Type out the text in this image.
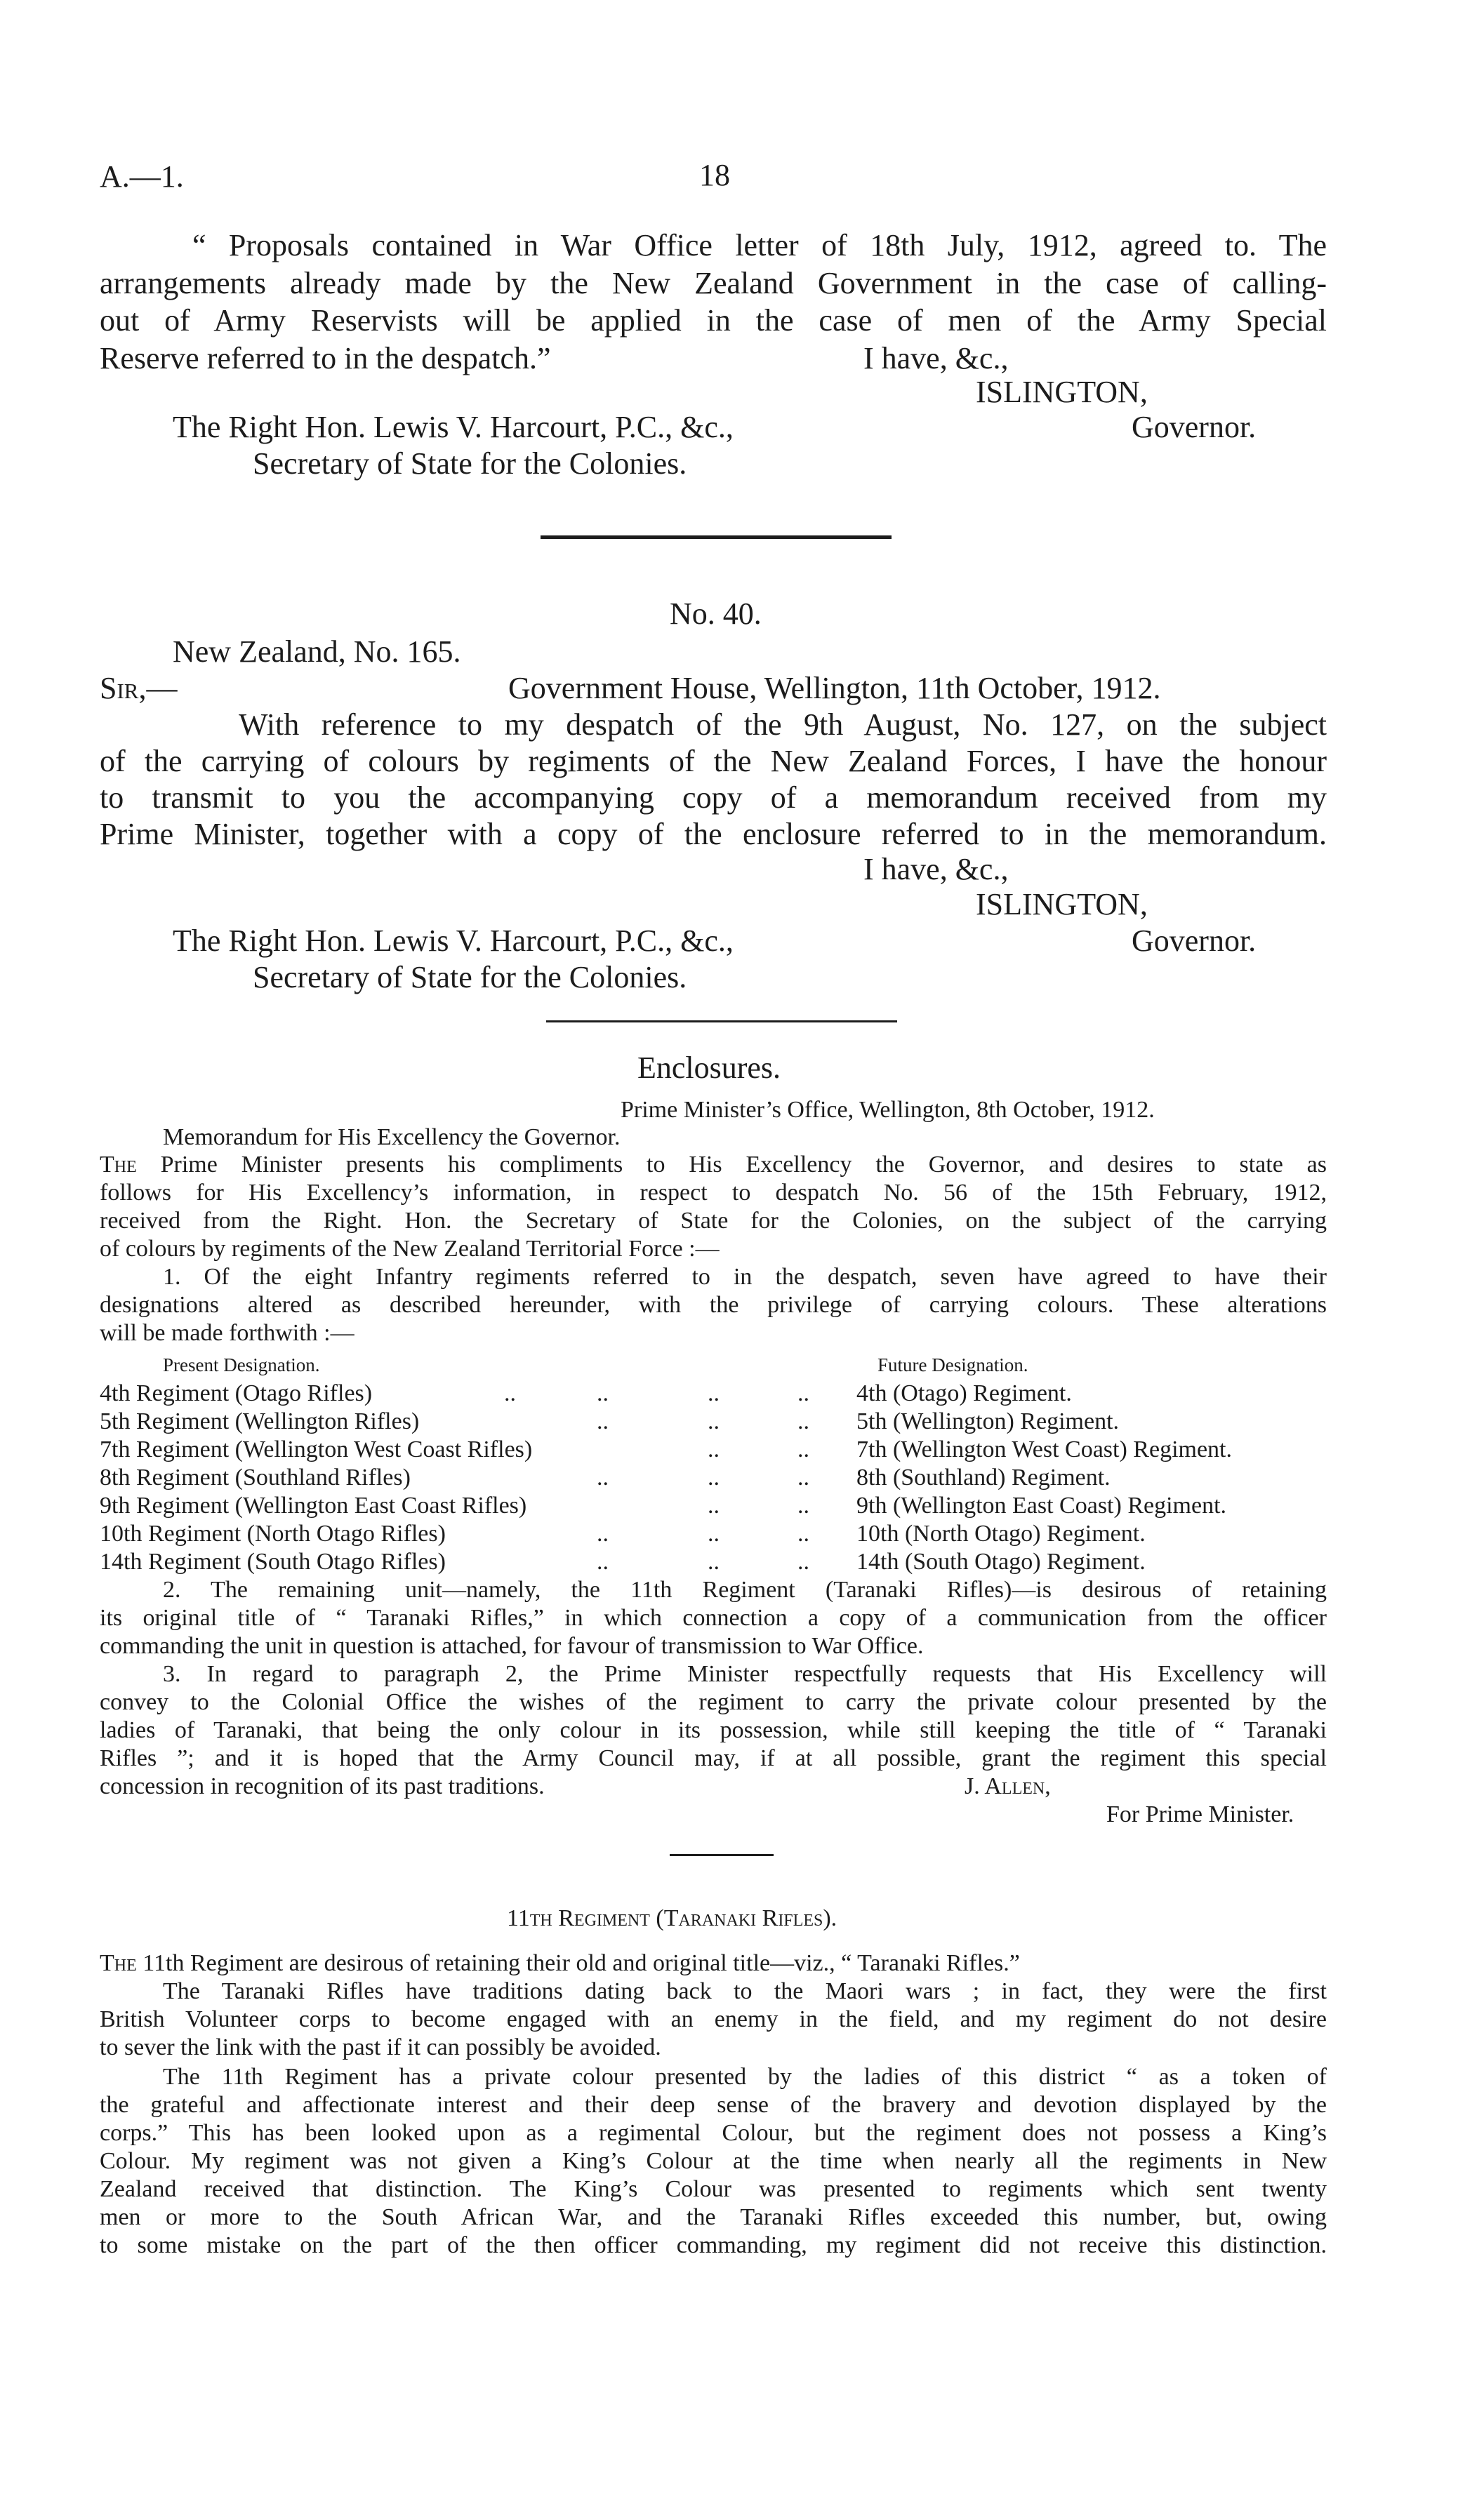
A.—1.	18
“ Proposals contained in War Office letter of 18th July, 1912, agreed to. The
arrangements already made by the New Zealand Government in the case of calling-
out of Army Reservists will be applied in the case of men of the Army Special
Reserve referred to in the despatch.”	I have, &c.,
ISLINGTON,
The Right Hon. Lewis V. Harcourt, P.C., &c.,	Governor.
Secretary of State for the Colonies.
No. 40.
New Zealand, No. 165.
Sir,—	Government House, Wellington, 11th October, 1912.
With reference to my despatch of the 9th August, No. 127, on the subject
of the carrying of colours by regiments of the New Zealand Forces, I have the honour
to transmit to you the accompanying copy of a memorandum received from my
Prime Minister, together with a copy of the enclosure referred to in the memorandum.
I have, &c.,
ISLINGTON,
The Right Hon. Lewis V. Harcourt, P.C., &c.,	Governor.
Secretary of State for the Colonies.
Enclosures.
Prime Minister’s Office, Wellington, 8th October, 1912.
Memorandum for His Excellency the Governor.
The Prime Minister presents his compliments to His Excellency the Governor, and desires to state as
follows for His Excellency’s information, in respect to despatch No. 56 of the 15th February, 1912,
received from the Right. Hon. the Secretary of State for the Colonies, on the subject of the carrying
of colours by regiments of the New Zealand Territorial Force :—
1. Of the eight Infantry regiments referred to in the despatch, seven have agreed to have their
designations altered as described hereunder, with the privilege of carrying colours. These alterations
will be made forthwith :—
Present Designation.	Future Designation.
4th Regiment (Otago Rifles)	..	..	..	.. 4th (Otago) Regiment.
5th Regiment (Wellington Rifles)	..	..	.. 5th (Wellington) Regiment.
7th Regiment (Wellington West Coast Rifles)	..	.. 7th (Wellington West Coast) Regiment.
8th Regiment (Southland Rifles)	..	..	.. 8th (Southland) Regiment.
9th Regiment (Wellington East Coast Rifles)	..	.. 9th (Wellington East Coast) Regiment.
10th Regiment (North Otago Rifles)	..	..	.. 10th (North Otago) Regiment.
14th Regiment (South Otago Rifles)	..	..	.. 14th (South Otago) Regiment.
2. The remaining unit—namely, the 11th Regiment (Taranaki Rifles)—is desirous of retaining
its original title of “ Taranaki Rifles,” in which connection a copy of a communication from the officer
commanding the unit in question is attached, for favour of transmission to War Office.
3. In regard to paragraph 2, the Prime Minister respectfully requests that His Excellency will
convey to the Colonial Office the wishes of the regiment to carry the private colour presented by the
ladies of Taranaki, that being the only colour in its possession, while still keeping the title of “ Taranaki
Rifles ”; and it is hoped that the Army Council may, if at all possible, grant the regiment this special
concession in recognition of its past traditions.	J. Allen,
For Prime Minister.
11th Regiment (Taranaki Rifles).
The 11th Regiment are desirous of retaining their old and original title—viz., “ Taranaki Rifles.”
The Taranaki Rifles have traditions dating back to the Maori wars ; in fact, they were the first
British Volunteer corps to become engaged with an enemy in the field, and my regiment do not desire
to sever the link with the past if it can possibly be avoided.
The 11th Regiment has a private colour presented by the ladies of this district “ as a token of
the grateful and affectionate interest and their deep sense of the bravery and devotion displayed by the
corps.” This has been looked upon as a regimental Colour, but the regiment does not possess a King’s
Colour. My regiment was not given a King’s Colour at the time when nearly all the regiments in New
Zealand received that distinction. The King’s Colour was presented to regiments which sent twenty
men or more to the South African War, and the Taranaki Rifles exceeded this number, but, owing
to some mistake on the part of the then officer commanding, my regiment did not receive this distinction.
